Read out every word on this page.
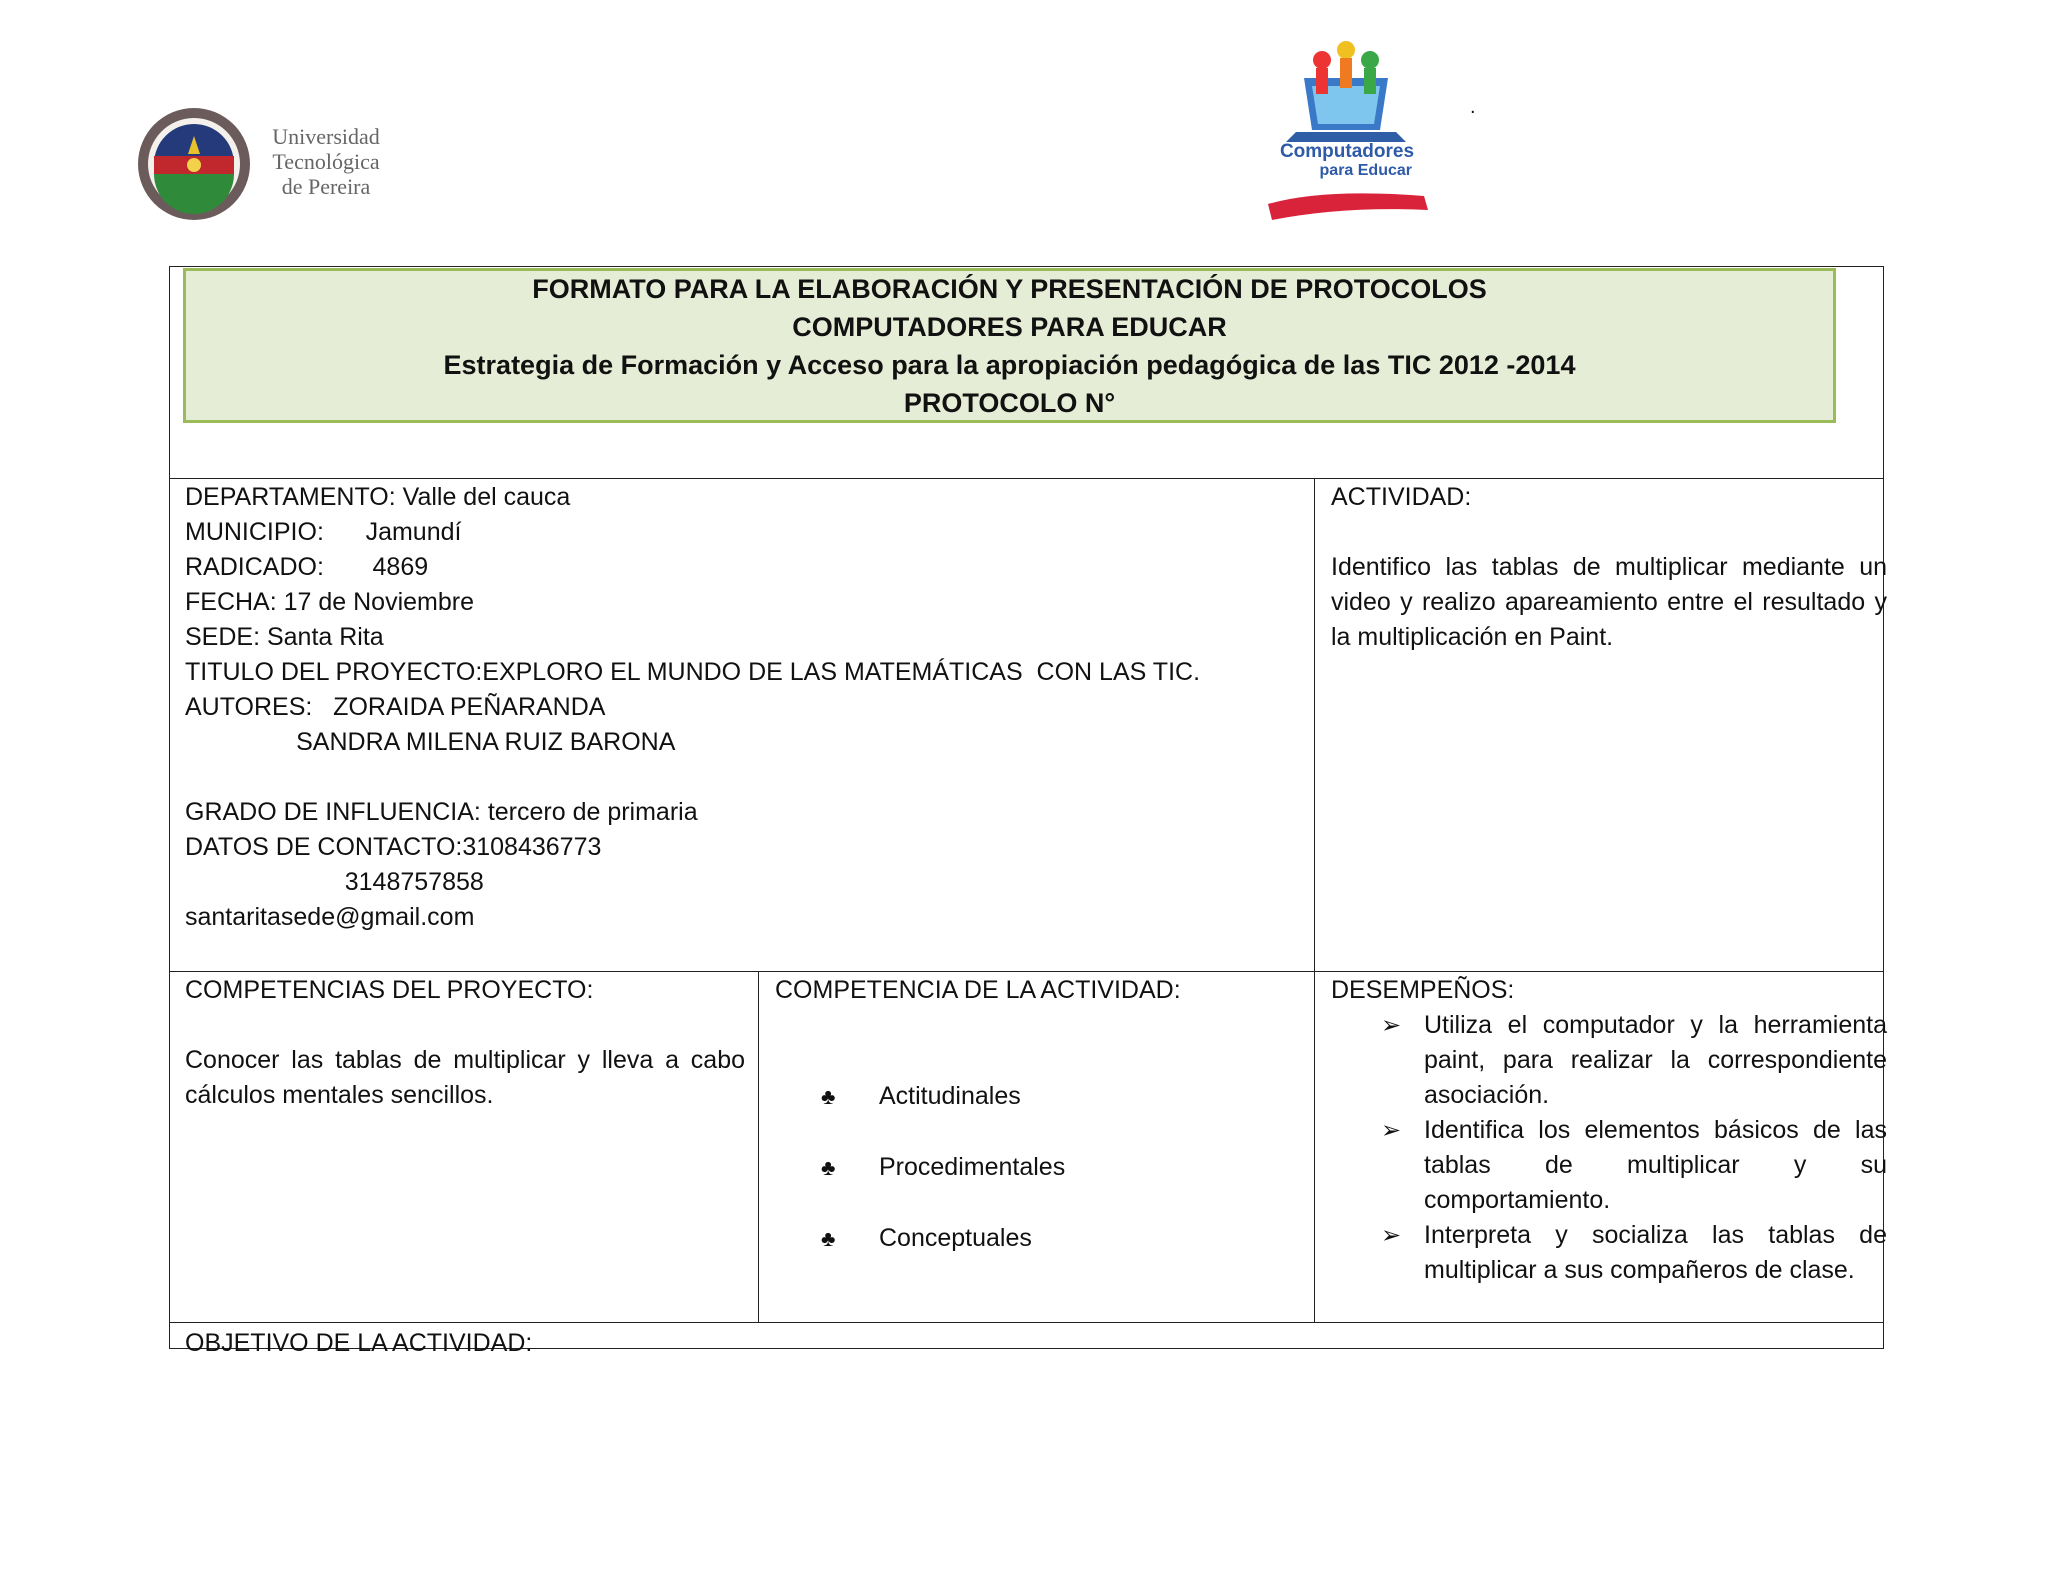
Universidad
Tecnológica
de Pereira
Computadores
para Educar
.
FORMATO PARA LA ELABORACIÓN Y PRESENTACIÓN DE PROTOCOLOS
COMPUTADORES PARA EDUCAR
Estrategia de Formación y Acceso para la apropiación pedagógica de las TIC 2012 -2014
PROTOCOLO N°
DEPARTAMENTO: Valle del cauca
MUNICIPIO:      Jamundí
RADICADO:       4869
FECHA: 17 de Noviembre
SEDE: Santa Rita
TITULO DEL PROYECTO:EXPLORO EL MUNDO DE LAS MATEMÁTICAS  CON LAS TIC.
AUTORES:   ZORAIDA PEÑARANDA
SANDRA MILENA RUIZ BARONA

GRADO DE INFLUENCIA: tercero de primaria
DATOS DE CONTACTO:3108436773
3148757858
santaritasede@gmail.com
ACTIVIDAD:
Identifico las tablas de multiplicar mediante un video y realizo apareamiento entre el resultado y la multiplicación en Paint.
COMPETENCIAS DEL PROYECTO:
Conocer las tablas de multiplicar y lleva a cabo cálculos mentales sencillos.
COMPETENCIA DE LA ACTIVIDAD:
♣ Actitudinales
♣ Procedimentales
♣ Conceptuales
DESEMPEÑOS:
➢ Utiliza el computador y la herramienta paint, para realizar la correspondiente asociación.
➢ Identifica los elementos básicos de las tablas de multiplicar y su comportamiento.
➢ Interpreta y socializa las tablas de multiplicar a sus compañeros de clase.
OBJETIVO DE LA ACTIVIDAD:
